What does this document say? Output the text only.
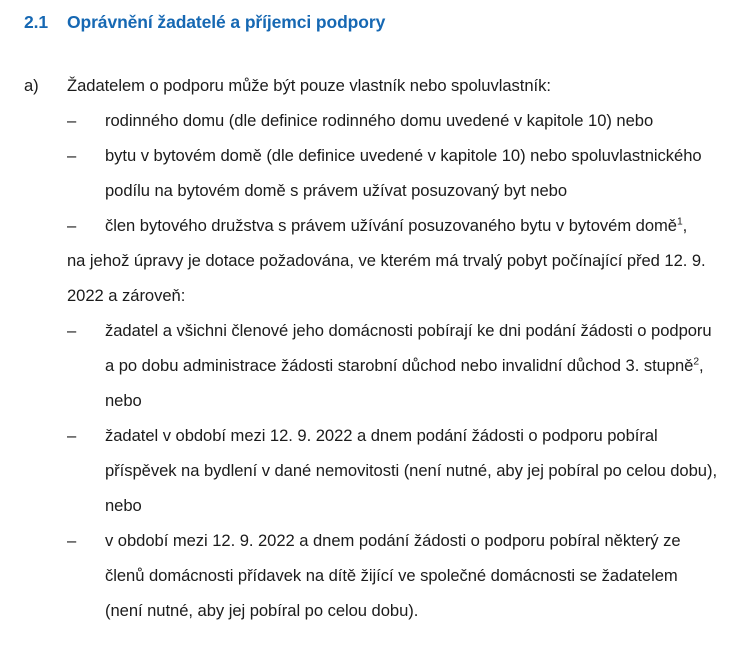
2.1	Oprávnění žadatelé a příjemci podpory
a)	Žadatelem o podporu může být pouze vlastník nebo spoluvlastník:

–	rodinného domu (dle definice rodinného domu uvedené v kapitole 10) nebo
–	bytu v bytovém domě (dle definice uvedené v kapitole 10) nebo spoluvlastnického podílu na bytovém domě s právem užívat posuzovaný byt nebo
–	člen bytového družstva s právem užívání posuzovaného bytu v bytovém domě$^1$,

na jehož úpravy je dotace požadována, ve kterém má trvalý pobyt počínající před 12. 9. 2022 a zároveň:

–	žadatel a všichni členové jeho domácnosti pobírají ke dni podání žádosti o podporu a po dobu administrace žádosti starobní důchod nebo invalidní důchod 3. stupně$^2$, nebo
–	žadatel v období mezi 12. 9. 2022 a dnem podání žádosti o podporu pobíral příspěvek na bydlení v dané nemovitosti (není nutné, aby jej pobíral po celou dobu), nebo
–	v období mezi 12. 9. 2022 a dnem podání žádosti o podporu pobíral některý ze členů domácnosti přídavek na dítě žijící ve společné domácnosti se žadatelem (není nutné, aby jej pobíral po celou dobu).
